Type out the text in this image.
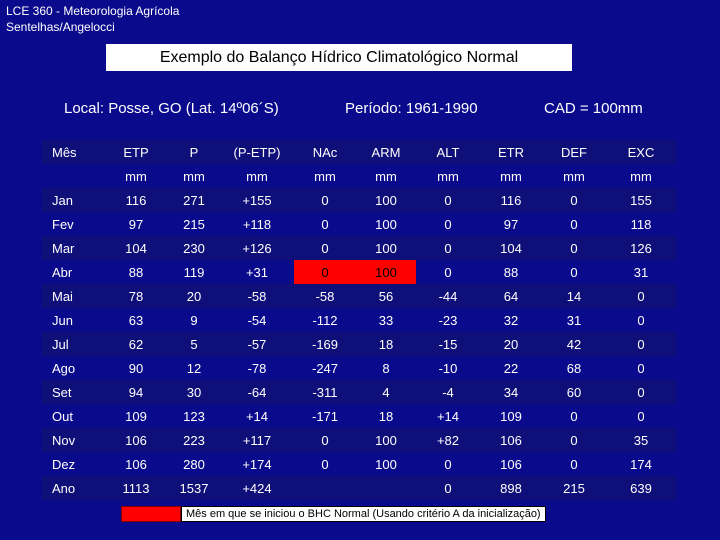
LCE 360 - Meteorologia Agrícola
Sentelhas/Angelocci
Exemplo do Balanço Hídrico Climatológico Normal
Local: Posse, GO (Lat. 14º06´S)	Período: 1961-1990	CAD = 100mm
Mês	ETP	P	(P-ETP)	NAc	ARM	ALT	ETR	DEF	EXC
	mm	mm	mm	mm	mm	mm	mm	mm	mm
Jan	116	271	+155	0	100	0	116	0	155
Fev	97	215	+118	0	100	0	97	0	118
Mar	104	230	+126	0	100	0	104	0	126
Abr	88	119	+31	0	100	0	88	0	31
Mai	78	20	-58	-58	56	-44	64	14	0
Jun	63	9	-54	-112	33	-23	32	31	0
Jul	62	5	-57	-169	18	-15	20	42	0
Ago	90	12	-78	-247	8	-10	22	68	0
Set	94	30	-64	-311	4	-4	34	60	0
Out	109	123	+14	-171	18	+14	109	0	0
Nov	106	223	+117	0	100	+82	106	0	35
Dez	106	280	+174	0	100	0	106	0	174
Ano	1113	1537	+424			0	898	215	639
Mês em que se iniciou o BHC Normal (Usando critério A da inicialização)
